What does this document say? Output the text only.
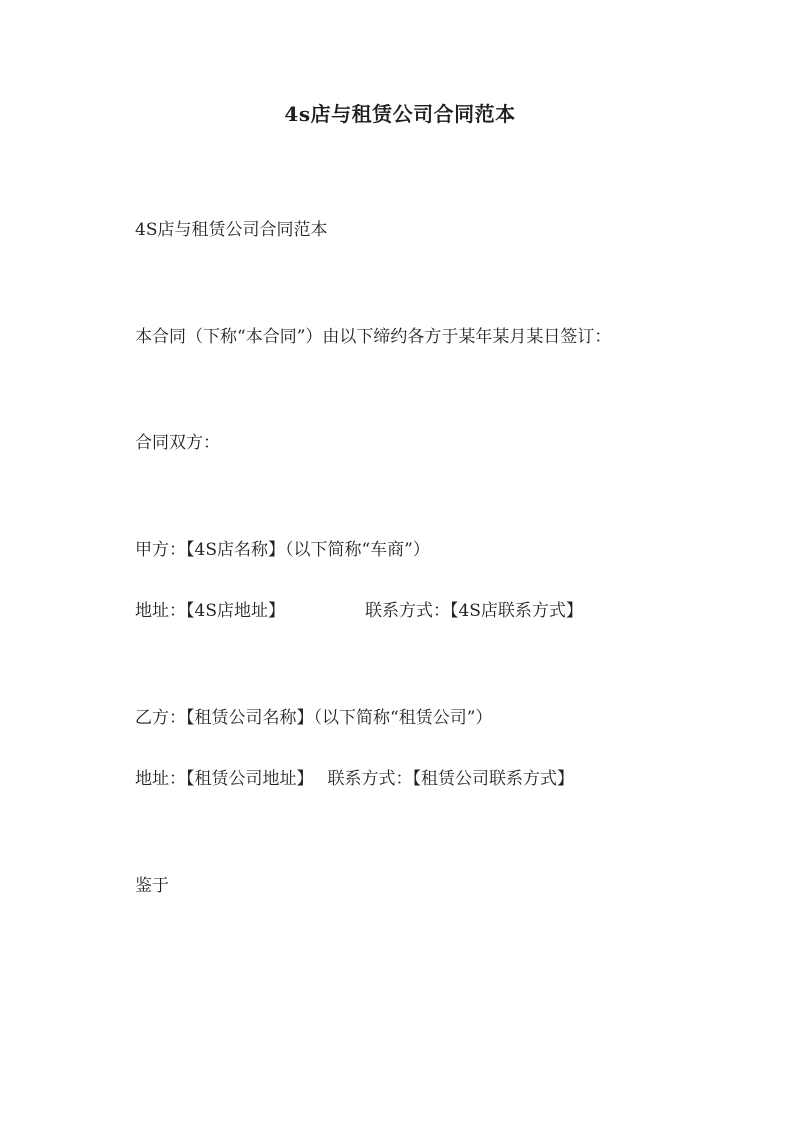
4s店与租赁公司合同范本
4S店与租赁公司合同范本
本合同（下称“本合同”）由以下缔约各方于某年某月某日签订：
合同双方：
甲方：【4S店名称】（以下简称“车商”）
地址：【4S店地址】	联系方式：【4S店联系方式】
乙方：【租赁公司名称】（以下简称“租赁公司”）
地址：【租赁公司地址】 联系方式：【租赁公司联系方式】
鉴于
